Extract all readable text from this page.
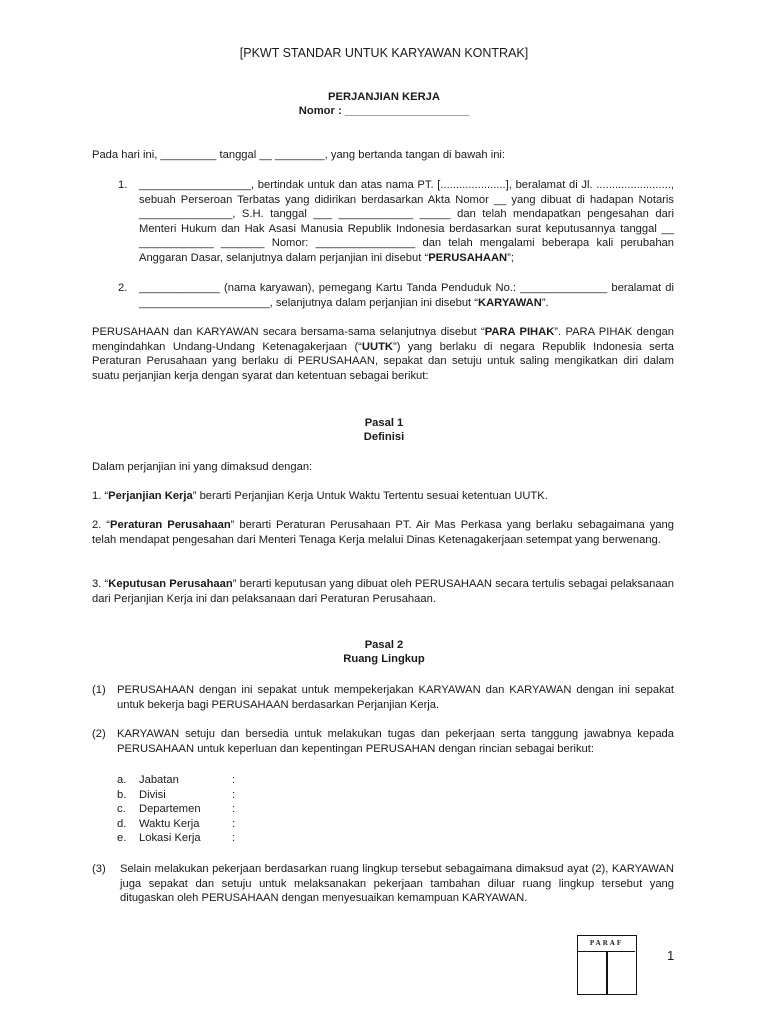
[PKWT STANDAR UNTUK KARYAWAN KONTRAK]
PERJANJIAN KERJA
Nomor : ____________________
Pada hari ini, _________ tanggal __ ________, yang bertanda tangan di bawah ini:
1. __________________, bertindak untuk dan atas nama PT. [.....................], beralamat di Jl. ........................, sebuah Perseroan Terbatas yang didirikan berdasarkan Akta Nomor __ yang dibuat di hadapan Notaris _______________, S.H. tanggal ___ ____________ _____ dan telah mendapatkan pengesahan dari Menteri Hukum dan Hak Asasi Manusia Republik Indonesia berdasarkan surat keputusannya tanggal __ ____________ _______ Nomor: ________________ dan telah mengalami beberapa kali perubahan Anggaran Dasar, selanjutnya dalam perjanjian ini disebut “PERUSAHAAN”;
2. _____________ (nama karyawan), pemegang Kartu Tanda Penduduk No.: ______________ beralamat di _____________________, selanjutnya dalam perjanjian ini disebut “KARYAWAN”.
PERUSAHAAN dan KARYAWAN secara bersama-sama selanjutnya disebut “PARA PIHAK”. PARA PIHAK dengan mengindahkan Undang-Undang Ketenagakerjaan (“UUTK”) yang berlaku di negara Republik Indonesia serta Peraturan Perusahaan yang berlaku di PERUSAHAAN, sepakat dan setuju untuk saling mengikatkan diri dalam suatu perjanjian kerja dengan syarat dan ketentuan sebagai berikut:
Pasal 1
Definisi
Dalam perjanjian ini yang dimaksud dengan:
1. “Perjanjian Kerja” berarti Perjanjian Kerja Untuk Waktu Tertentu sesuai ketentuan UUTK.
2. “Peraturan Perusahaan” berarti Peraturan Perusahaan PT. Air Mas Perkasa yang berlaku sebagaimana yang telah mendapat pengesahan dari Menteri Tenaga Kerja melalui Dinas Ketenagakerjaan setempat yang berwenang.
3. “Keputusan Perusahaan” berarti keputusan yang dibuat oleh PERUSAHAAN secara tertulis sebagai pelaksanaan dari Perjanjian Kerja ini dan pelaksanaan dari Peraturan Perusahaan.
Pasal 2
Ruang Lingkup
(1) PERUSAHAAN dengan ini sepakat untuk mempekerjakan KARYAWAN dan KARYAWAN dengan ini sepakat untuk bekerja bagi PERUSAHAAN berdasarkan Perjanjian Kerja.
(2) KARYAWAN setuju dan bersedia untuk melakukan tugas dan pekerjaan serta tanggung jawabnya kepada PERUSAHAAN untuk keperluan dan kepentingan PERUSAHAN dengan rincian sebagai berikut:
a. Jabatan	:
b. Divisi	:
c. Departemen	:
d. Waktu Kerja	:
e. Lokasi Kerja	:
(3) Selain melakukan pekerjaan berdasarkan ruang lingkup tersebut sebagaimana dimaksud ayat (2), KARYAWAN juga sepakat dan setuju untuk melaksanakan pekerjaan tambahan diluar ruang lingkup tersebut yang ditugaskan oleh PERUSAHAAN dengan menyesuaikan kemampuan KARYAWAN.
PARAF
1
